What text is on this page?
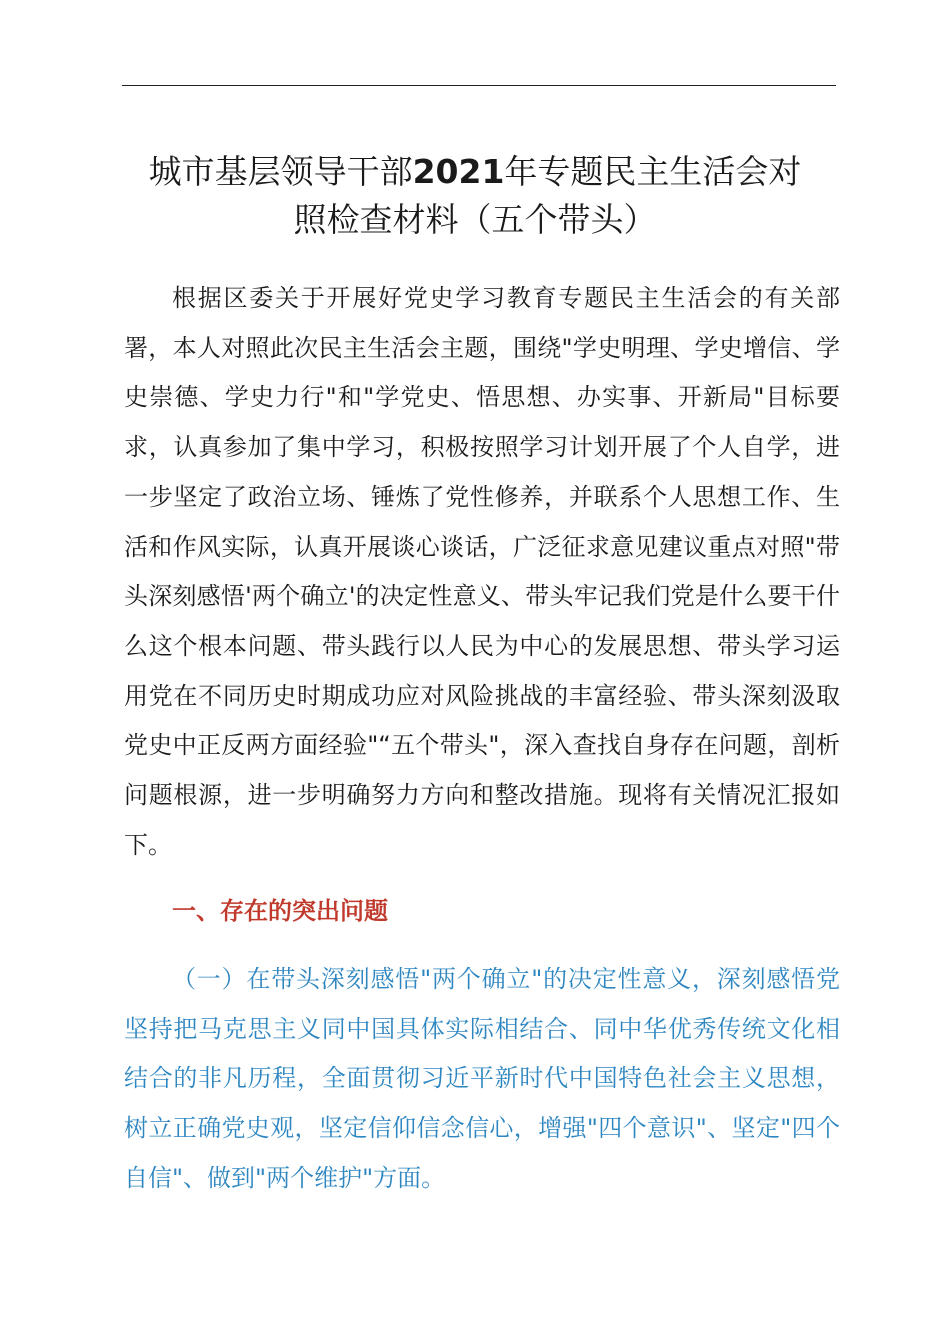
城市基层领导干部2021年专题民主生活会对
照检查材料（五个带头）

根据区委关于开展好党史学习教育专题民主生活会的有关部署，本人对照此次民主生活会主题，围绕"学史明理、学史增信、学史崇德、学史力行"和"学党史、悟思想、办实事、开新局"目标要求，认真参加了集中学习，积极按照学习计划开展了个人自学，进一步坚定了政治立场、锤炼了党性修养，并联系个人思想工作、生活和作风实际，认真开展谈心谈话，广泛征求意见建议重点对照"带头深刻感悟'两个确立'的决定性意义、带头牢记我们党是什么要干什么这个根本问题、带头践行以人民为中心的发展思想、带头学习运用党在不同历史时期成功应对风险挑战的丰富经验、带头深刻汲取党史中正反两方面经验"“五个带头"，深入查找自身存在问题，剖析问题根源，进一步明确努力方向和整改措施。现将有关情况汇报如下。

一、存在的突出问题

（一）在带头深刻感悟"两个确立"的决定性意义，深刻感悟党坚持把马克思主义同中国具体实际相结合、同中华优秀传统文化相结合的非凡历程，全面贯彻习近平新时代中国特色社会主义思想，树立正确党史观，坚定信仰信念信心，增强"四个意识"、坚定"四个自信"、做到"两个维护"方面。
